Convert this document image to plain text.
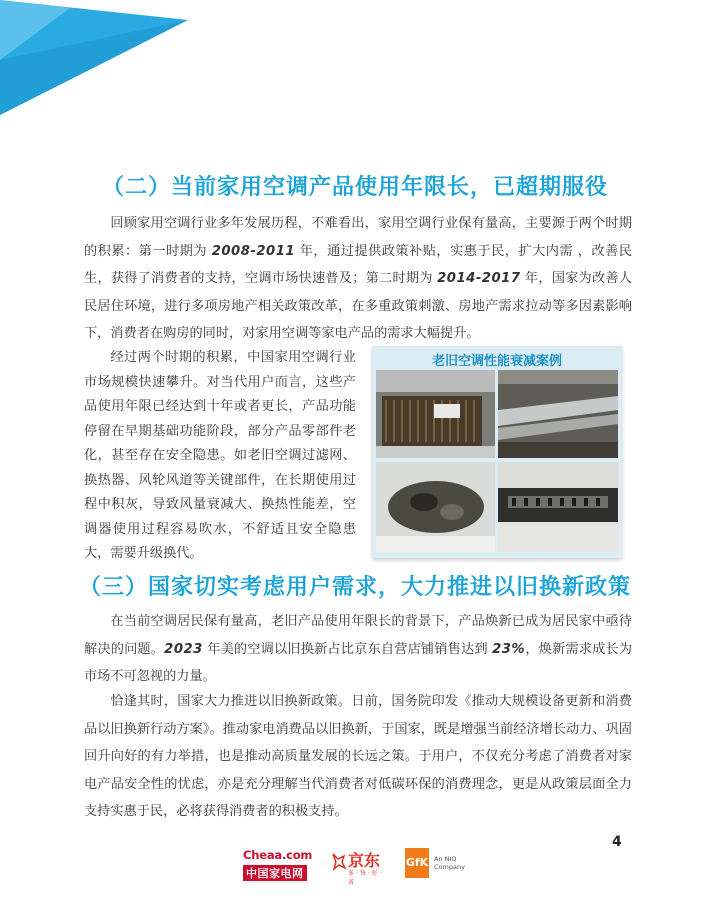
（二）当前家用空调产品使用年限长，已超期服役

回顾家用空调行业多年发展历程，不难看出，家用空调行业保有量高，主要源于两个时期的积累：第一时期为 2008-2011 年，通过提供政策补贴，实惠于民，扩大内需 ，改善民生，获得了消费者的支持，空调市场快速普及；第二时期为 2014-2017 年，国家为改善人民居住环境，进行多项房地产相关政策改革，在多重政策刺激、房地产需求拉动等多因素影响下，消费者在购房的同时，对家用空调等家电产品的需求大幅提升。

经过两个时期的积累，中国家用空调行业市场规模快速攀升。对当代用户而言，这些产品使用年限已经达到十年或者更长，产品功能停留在早期基础功能阶段，部分产品零部件老化，甚至存在安全隐患。如老旧空调过滤网、换热器、风轮风道等关键部件，在长期使用过程中积灰，导致风量衰减大、换热性能差，空调器使用过程容易吹水，不舒适且安全隐患大，需要升级换代。

老旧空调性能衰减案例
（三）国家切实考虑用户需求，大力推进以旧换新政策

在当前空调居民保有量高，老旧产品使用年限长的背景下，产品焕新已成为居民家中亟待解决的问题。2023 年美的空调以旧换新占比京东自营店铺销售达到 23%，焕新需求成长为市场不可忽视的力量。

恰逢其时，国家大力推进以旧换新政策。日前，国务院印发《推动大规模设备更新和消费品以旧换新行动方案》。推动家电消费品以旧换新，于国家，既是增强当前经济增长动力、巩固回升向好的有力举措，也是推动高质量发展的长远之策。于用户，不仅充分考虑了消费者对家电产品安全性的忧虑，亦是充分理解当代消费者对低碳环保的消费理念，更是从政策层面全力支持实惠于民，必将获得消费者的积极支持。

4
Cheaa.com
中国家电网
京东
多·快·好·省
GfK An NIQ
Company
